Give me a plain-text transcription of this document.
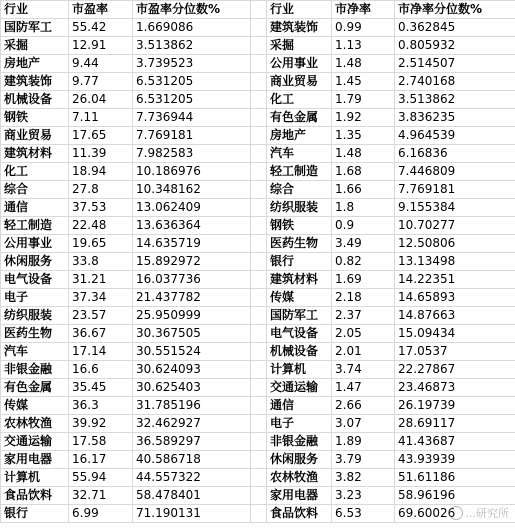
行业	市盈率	市盈率分位数%		行业	市净率	市净率分位数%
国防军工	55.42	1.669086		建筑装饰	0.99	0.362845
采掘	12.91	3.513862		采掘	1.13	0.805932
房地产	9.44	3.739523		公用事业	1.48	2.514507
建筑装饰	9.77	6.531205		商业贸易	1.45	2.740168
机械设备	26.04	6.531205		化工	1.79	3.513862
钢铁	7.11	7.736944		有色金属	1.92	3.836235
商业贸易	17.65	7.769181		房地产	1.35	4.964539
建筑材料	11.39	7.982583		汽车	1.48	6.16836
化工	18.94	10.186976		轻工制造	1.68	7.446809
综合	27.8	10.348162		综合	1.66	7.769181
通信	37.53	13.062409		纺织服装	1.8	9.155384
轻工制造	22.48	13.636364		钢铁	0.9	10.70277
公用事业	19.65	14.635719		医药生物	3.49	12.50806
休闲服务	33.8	15.892972		银行	0.82	13.13498
电气设备	31.21	16.037736		建筑材料	1.69	14.22351
电子	37.34	21.437782		传媒	2.18	14.65893
纺织服装	23.57	25.950999		国防军工	2.37	14.87663
医药生物	36.67	30.367505		电气设备	2.05	15.09434
汽车	17.14	30.551524		机械设备	2.01	17.0537
非银金融	16.6	30.624093		计算机	3.74	22.27867
有色金属	35.45	30.625403		交通运输	1.47	23.46873
传媒	36.3	31.785196		通信	2.66	26.19739
农林牧渔	39.92	32.462927		电子	3.07	28.69117
交通运输	17.58	36.589297		非银金融	1.89	41.43687
家用电器	16.17	40.586718		休闲服务	3.79	43.93939
计算机	55.94	44.557322		农林牧渔	3.82	51.61186
食品饮料	32.71	58.478401		家用电器	3.23	58.96196
银行	6.99	71.190131		食品饮料	6.53	69.60026 ...研究所
